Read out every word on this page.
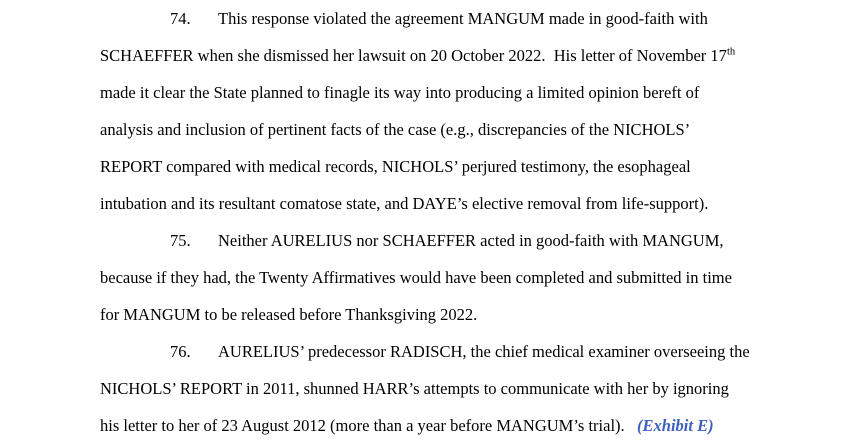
74. This response violated the agreement MANGUM made in good-faith with
SCHAEFFER when she dismissed her lawsuit on 20 October 2022.  His letter of November 17th
made it clear the State planned to finagle its way into producing a limited opinion bereft of
analysis and inclusion of pertinent facts of the case (e.g., discrepancies of the NICHOLS’
REPORT compared with medical records, NICHOLS’ perjured testimony, the esophageal
intubation and its resultant comatose state, and DAYE’s elective removal from life-support).
75. Neither AURELIUS nor SCHAEFFER acted in good-faith with MANGUM,
because if they had, the Twenty Affirmatives would have been completed and submitted in time
for MANGUM to be released before Thanksgiving 2022.
76. AURELIUS’ predecessor RADISCH, the chief medical examiner overseeing the
NICHOLS’ REPORT in 2011, shunned HARR’s attempts to communicate with her by ignoring
his letter to her of 23 August 2012 (more than a year before MANGUM’s trial).   (Exhibit E)
